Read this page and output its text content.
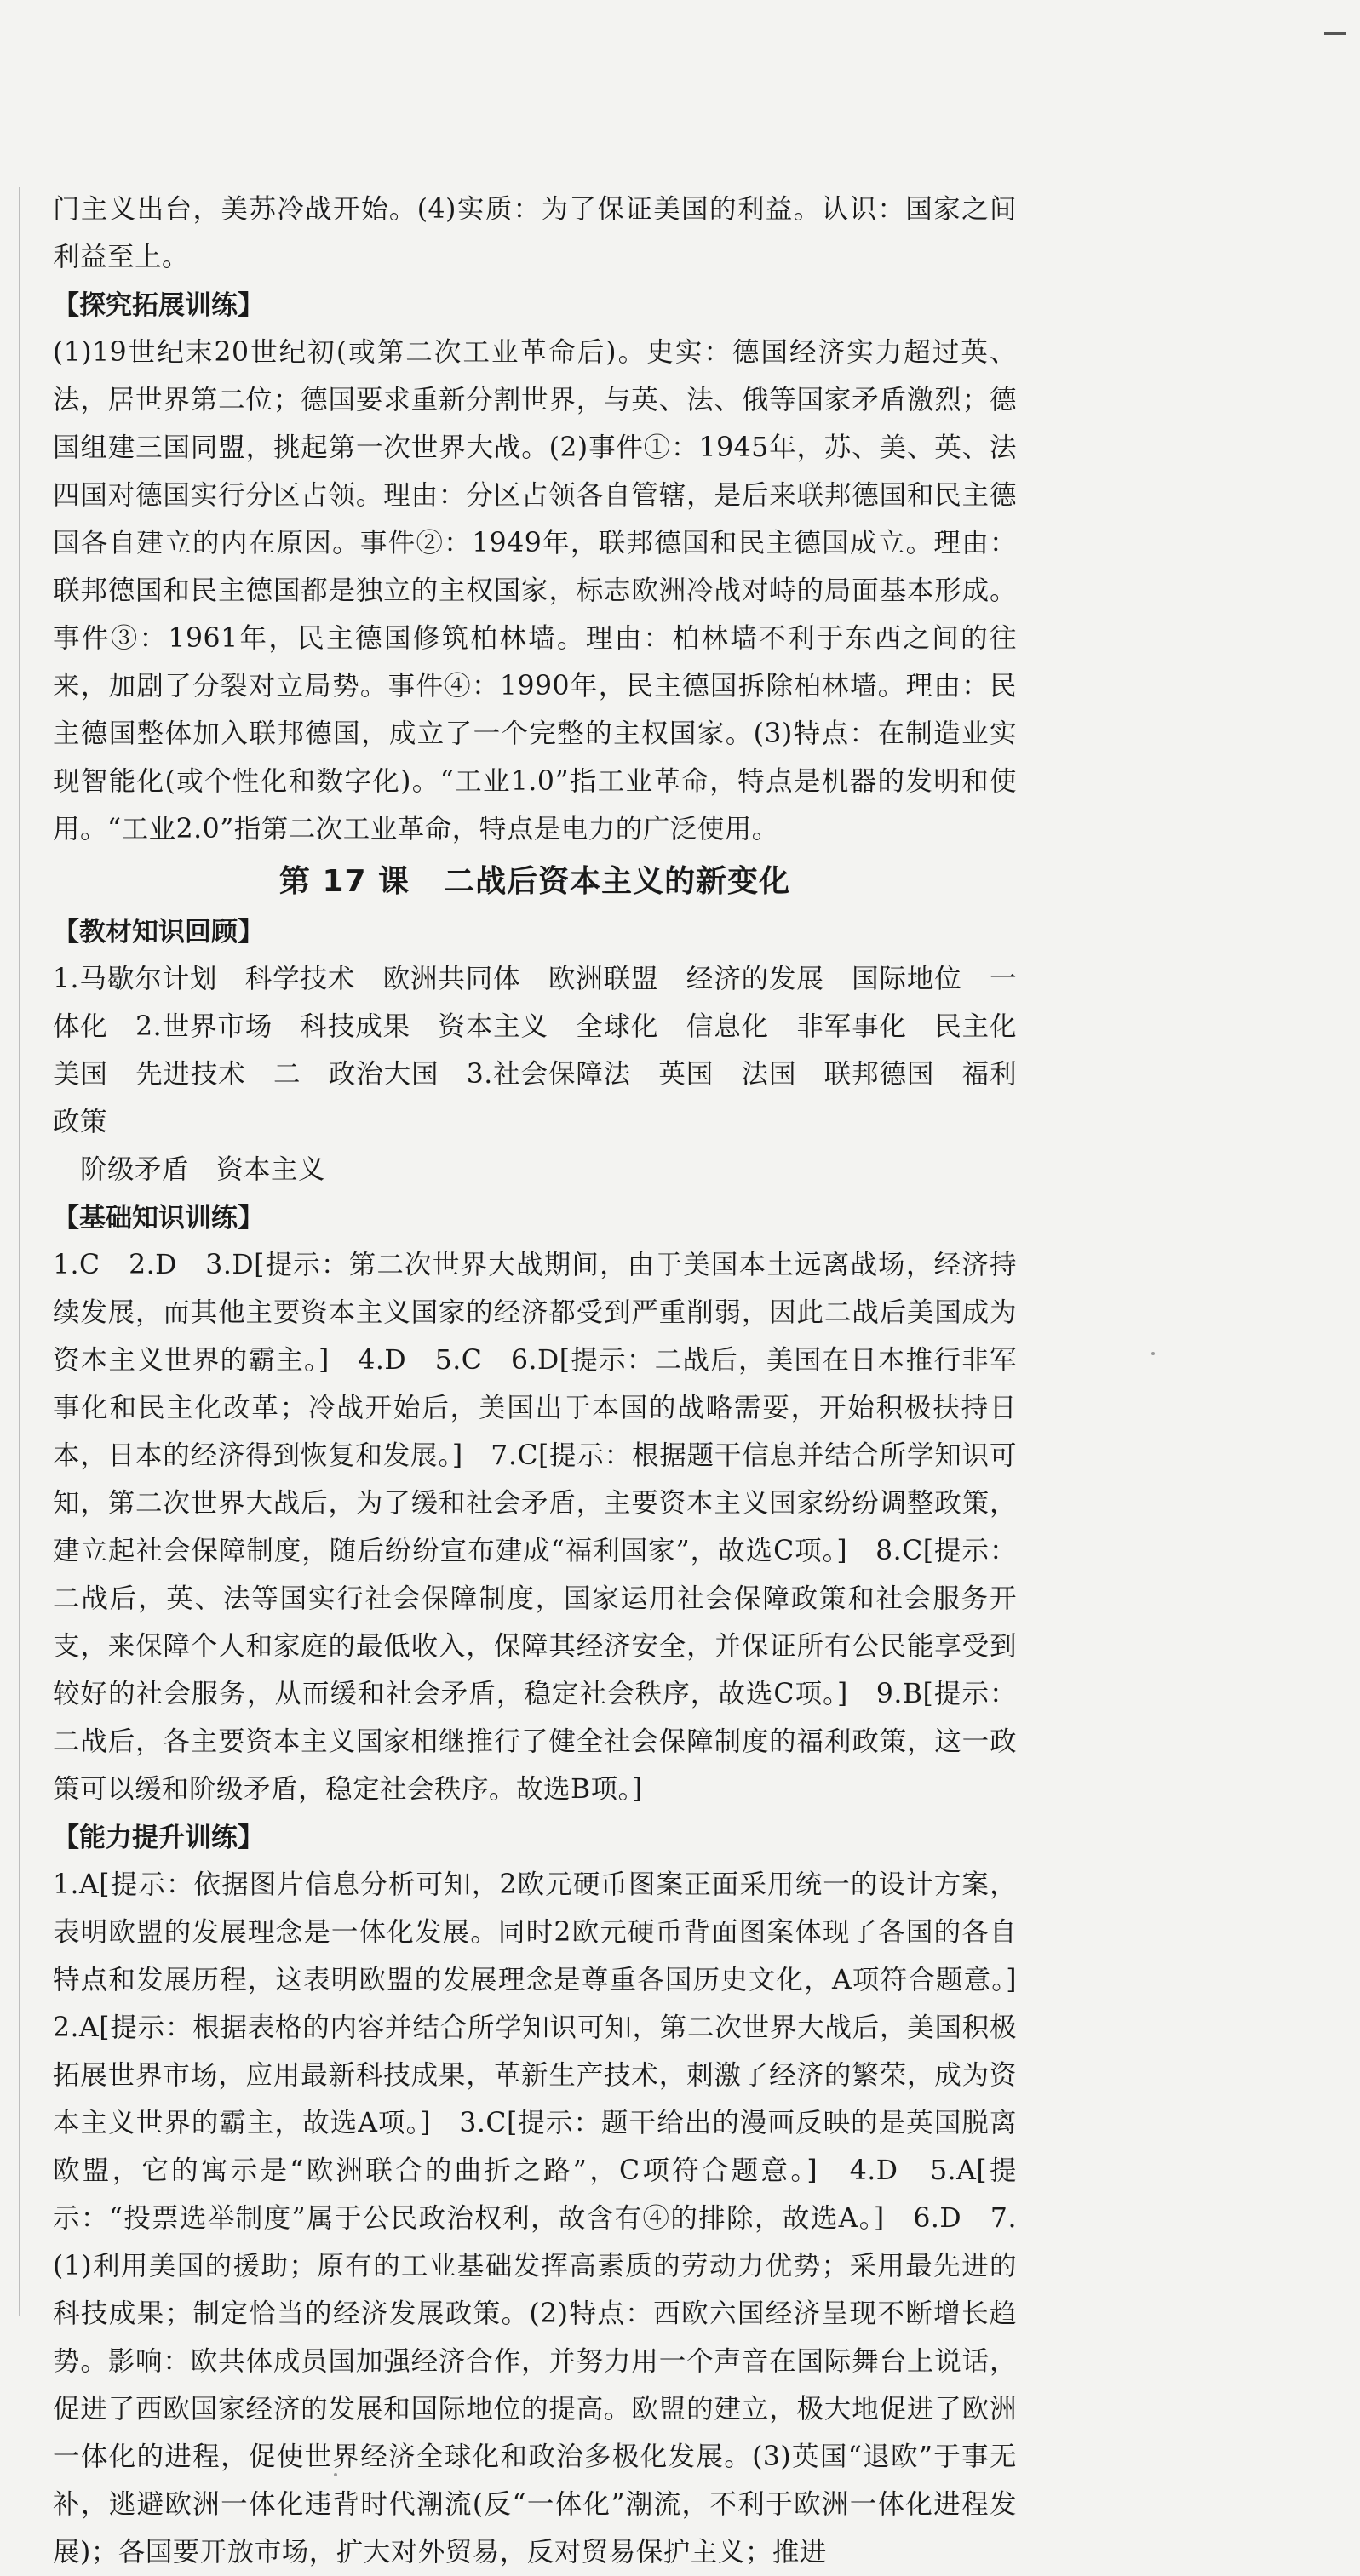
门主义出台，美苏冷战开始。(4)实质：为了保证美国的利益。认识：国家之间利益至上。

【探究拓展训练】

(1)19世纪末20世纪初(或第二次工业革命后)。史实：德国经济实力超过英、法，居世界第二位；德国要求重新分割世界，与英、法、俄等国家矛盾激烈；德国组建三国同盟，挑起第一次世界大战。(2)事件①：1945年，苏、美、英、法四国对德国实行分区占领。理由：分区占领各自管辖，是后来联邦德国和民主德国各自建立的内在原因。事件②：1949年，联邦德国和民主德国成立。理由：联邦德国和民主德国都是独立的主权国家，标志欧洲冷战对峙的局面基本形成。事件③：1961年，民主德国修筑柏林墙。理由：柏林墙不利于东西之间的往来，加剧了分裂对立局势。事件④：1990年，民主德国拆除柏林墙。理由：民主德国整体加入联邦德国，成立了一个完整的主权国家。(3)特点：在制造业实现智能化(或个性化和数字化)。“工业1.0”指工业革命，特点是机器的发明和使用。“工业2.0”指第二次工业革命，特点是电力的广泛使用。

第 17 课 二战后资本主义的新变化
【教材知识回顾】

1.马歇尔计划　科学技术　欧洲共同体　欧洲联盟　经济的发展　国际地位　一体化　2.世界市场　科技成果　资本主义　全球化　信息化　非军事化　民主化　美国　先进技术　二　政治大国　3.社会保障法　英国　法国　联邦德国　福利政策

阶级矛盾　资本主义

【基础知识训练】

1.C　2.D　3.D[提示：第二次世界大战期间，由于美国本土远离战场，经济持续发展，而其他主要资本主义国家的经济都受到严重削弱，因此二战后美国成为资本主义世界的霸主。]　4.D　5.C　6.D[提示：二战后，美国在日本推行非军事化和民主化改革；冷战开始后，美国出于本国的战略需要，开始积极扶持日本，日本的经济得到恢复和发展。]　7.C[提示：根据题干信息并结合所学知识可知，第二次世界大战后，为了缓和社会矛盾，主要资本主义国家纷纷调整政策，建立起社会保障制度，随后纷纷宣布建成“福利国家”，故选C项。]　8.C[提示：二战后，英、法等国实行社会保障制度，国家运用社会保障政策和社会服务开支，来保障个人和家庭的最低收入，保障其经济安全，并保证所有公民能享受到较好的社会服务，从而缓和社会矛盾，稳定社会秩序，故选C项。]　9.B[提示：二战后，各主要资本主义国家相继推行了健全社会保障制度的福利政策，这一政策可以缓和阶级矛盾，稳定社会秩序。故选B项。]

【能力提升训练】

1.A[提示：依据图片信息分析可知，2欧元硬币图案正面采用统一的设计方案，表明欧盟的发展理念是一体化发展。同时2欧元硬币背面图案体现了各国的各自特点和发展历程，这表明欧盟的发展理念是尊重各国历史文化，A项符合题意。]　2.A[提示：根据表格的内容并结合所学知识可知，第二次世界大战后，美国积极拓展世界市场，应用最新科技成果，革新生产技术，刺激了经济的繁荣，成为资本主义世界的霸主，故选A项。]　3.C[提示：题干给出的漫画反映的是英国脱离欧盟，它的寓示是“欧洲联合的曲折之路”，C项符合题意。]　4.D　5.A[提示：“投票选举制度”属于公民政治权利，故含有④的排除，故选A。]　6.D　7.(1)利用美国的援助；原有的工业基础发挥高素质的劳动力优势；采用最先进的科技成果；制定恰当的经济发展政策。(2)特点：西欧六国经济呈现不断增长趋势。影响：欧共体成员国加强经济合作，并努力用一个声音在国际舞台上说话，促进了西欧国家经济的发展和国际地位的提高。欧盟的建立，极大地促进了欧洲一体化的进程，促使世界经济全球化和政治多极化发展。(3)英国“退欧”于事无补，逃避欧洲一体化违背时代潮流(反“一体化”潮流，不利于欧洲一体化进程发展)；各国要开放市场，扩大对外贸易，反对贸易保护主义；推进
